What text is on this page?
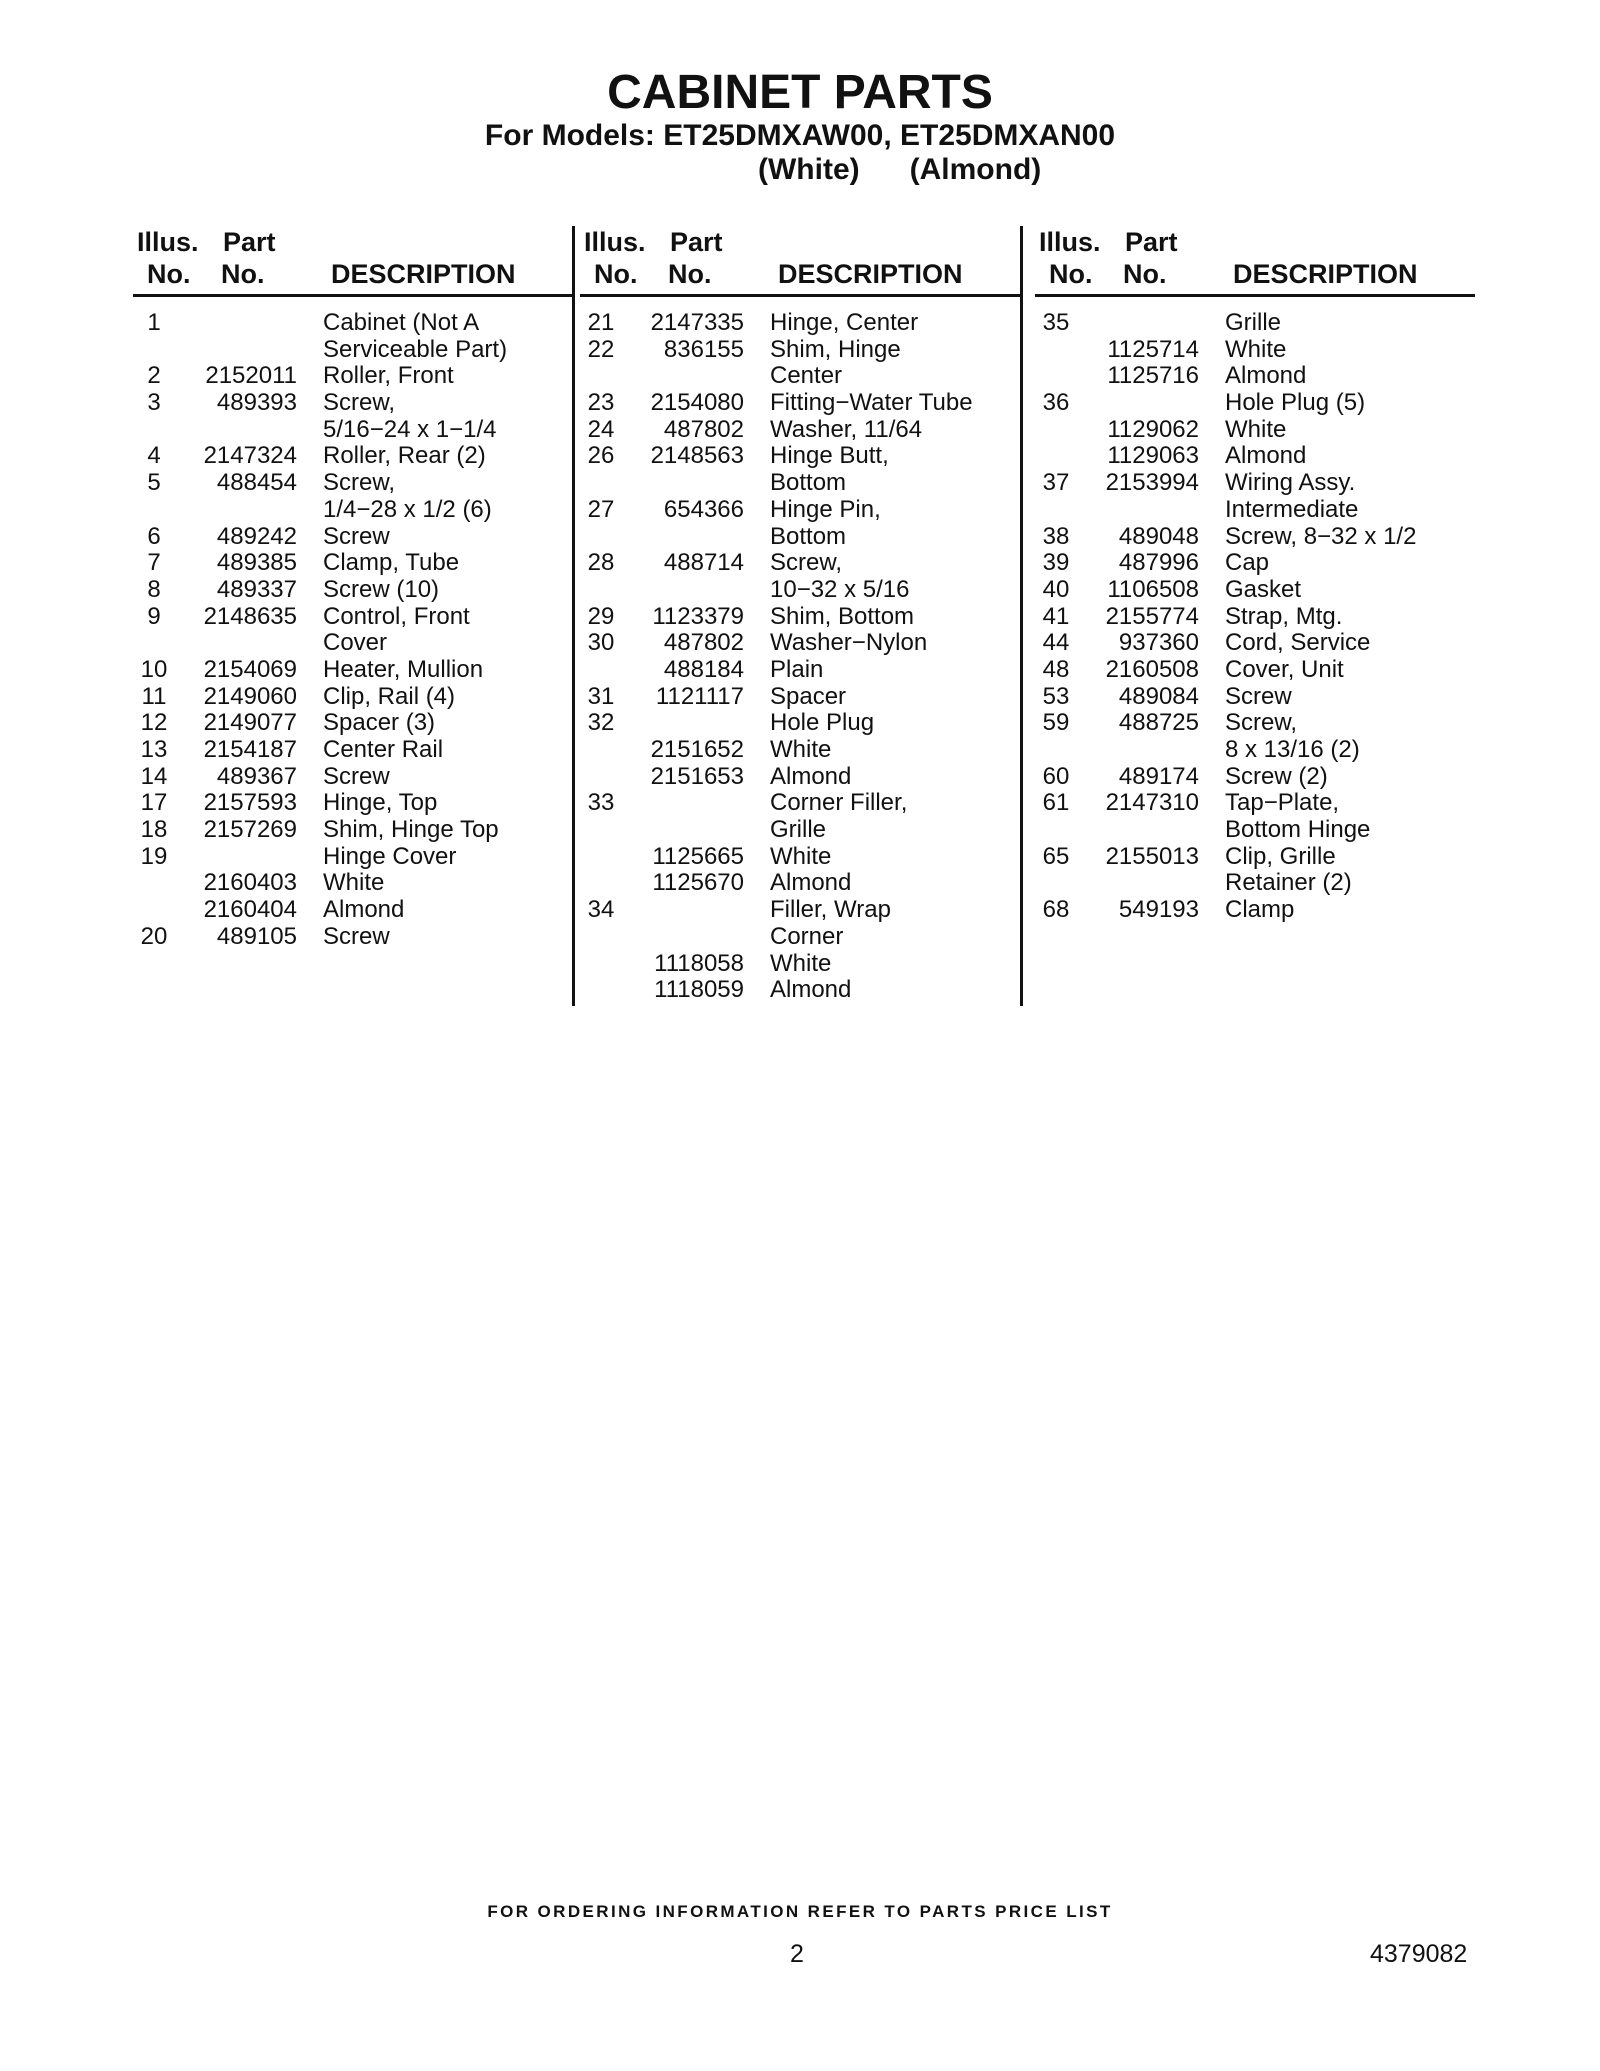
CABINET PARTS
For Models: ET25DMXAW00, ET25DMXAN00
(White)      (Almond)
Illus.
No.
Part
No. DESCRIPTION
1	Cabinet (Not A
Serviceable Part)
2	2152011 Roller, Front
3	489393 Screw,
5/16−24 x 1−1/4
4	2147324 Roller, Rear (2)
5	488454 Screw,
1/4−28 x 1/2 (6)
6	489242 Screw
7	489385 Clamp, Tube
8	489337 Screw (10)
9	2148635 Control, Front
Cover
10	2154069 Heater, Mullion
11	2149060 Clip, Rail (4)
12	2149077 Spacer (3)
13	2154187 Center Rail
14	489367 Screw
17	2157593 Hinge, Top
18	2157269 Shim, Hinge Top
19	Hinge Cover
2160403 White
2160404 Almond
20	489105 Screw
Illus.
No.
Part
No. DESCRIPTION
21	2147335 Hinge, Center
22	836155 Shim, Hinge
Center
23	2154080 Fitting−Water Tube
24	487802 Washer, 11/64
26	2148563 Hinge Butt,
Bottom
27	654366 Hinge Pin,
Bottom
28	488714 Screw,
10−32 x 5/16
29	1123379 Shim, Bottom
30	487802 Washer−Nylon
488184 Plain
31	1121117 Spacer
32	Hole Plug
2151652 White
2151653 Almond
33	Corner Filler,
Grille
1125665 White
1125670 Almond
34	Filler, Wrap
Corner
1118058 White
1118059 Almond
Illus.
No.
Part
No. DESCRIPTION
35	Grille
1125714 White
1125716 Almond
36	Hole Plug (5)
1129062 White
1129063 Almond
37	2153994 Wiring Assy.
Intermediate
38	489048 Screw, 8−32 x 1/2
39	487996 Cap
40	1106508 Gasket
41	2155774 Strap, Mtg.
44	937360 Cord, Service
48	2160508 Cover, Unit
53	489084 Screw
59	488725 Screw,
8 x 13/16 (2)
60	489174 Screw (2)
61	2147310 Tap−Plate,
Bottom Hinge
65	2155013 Clip, Grille
Retainer (2)
68	549193 Clamp
FOR ORDERING INFORMATION REFER TO PARTS PRICE LIST
2	4379082
